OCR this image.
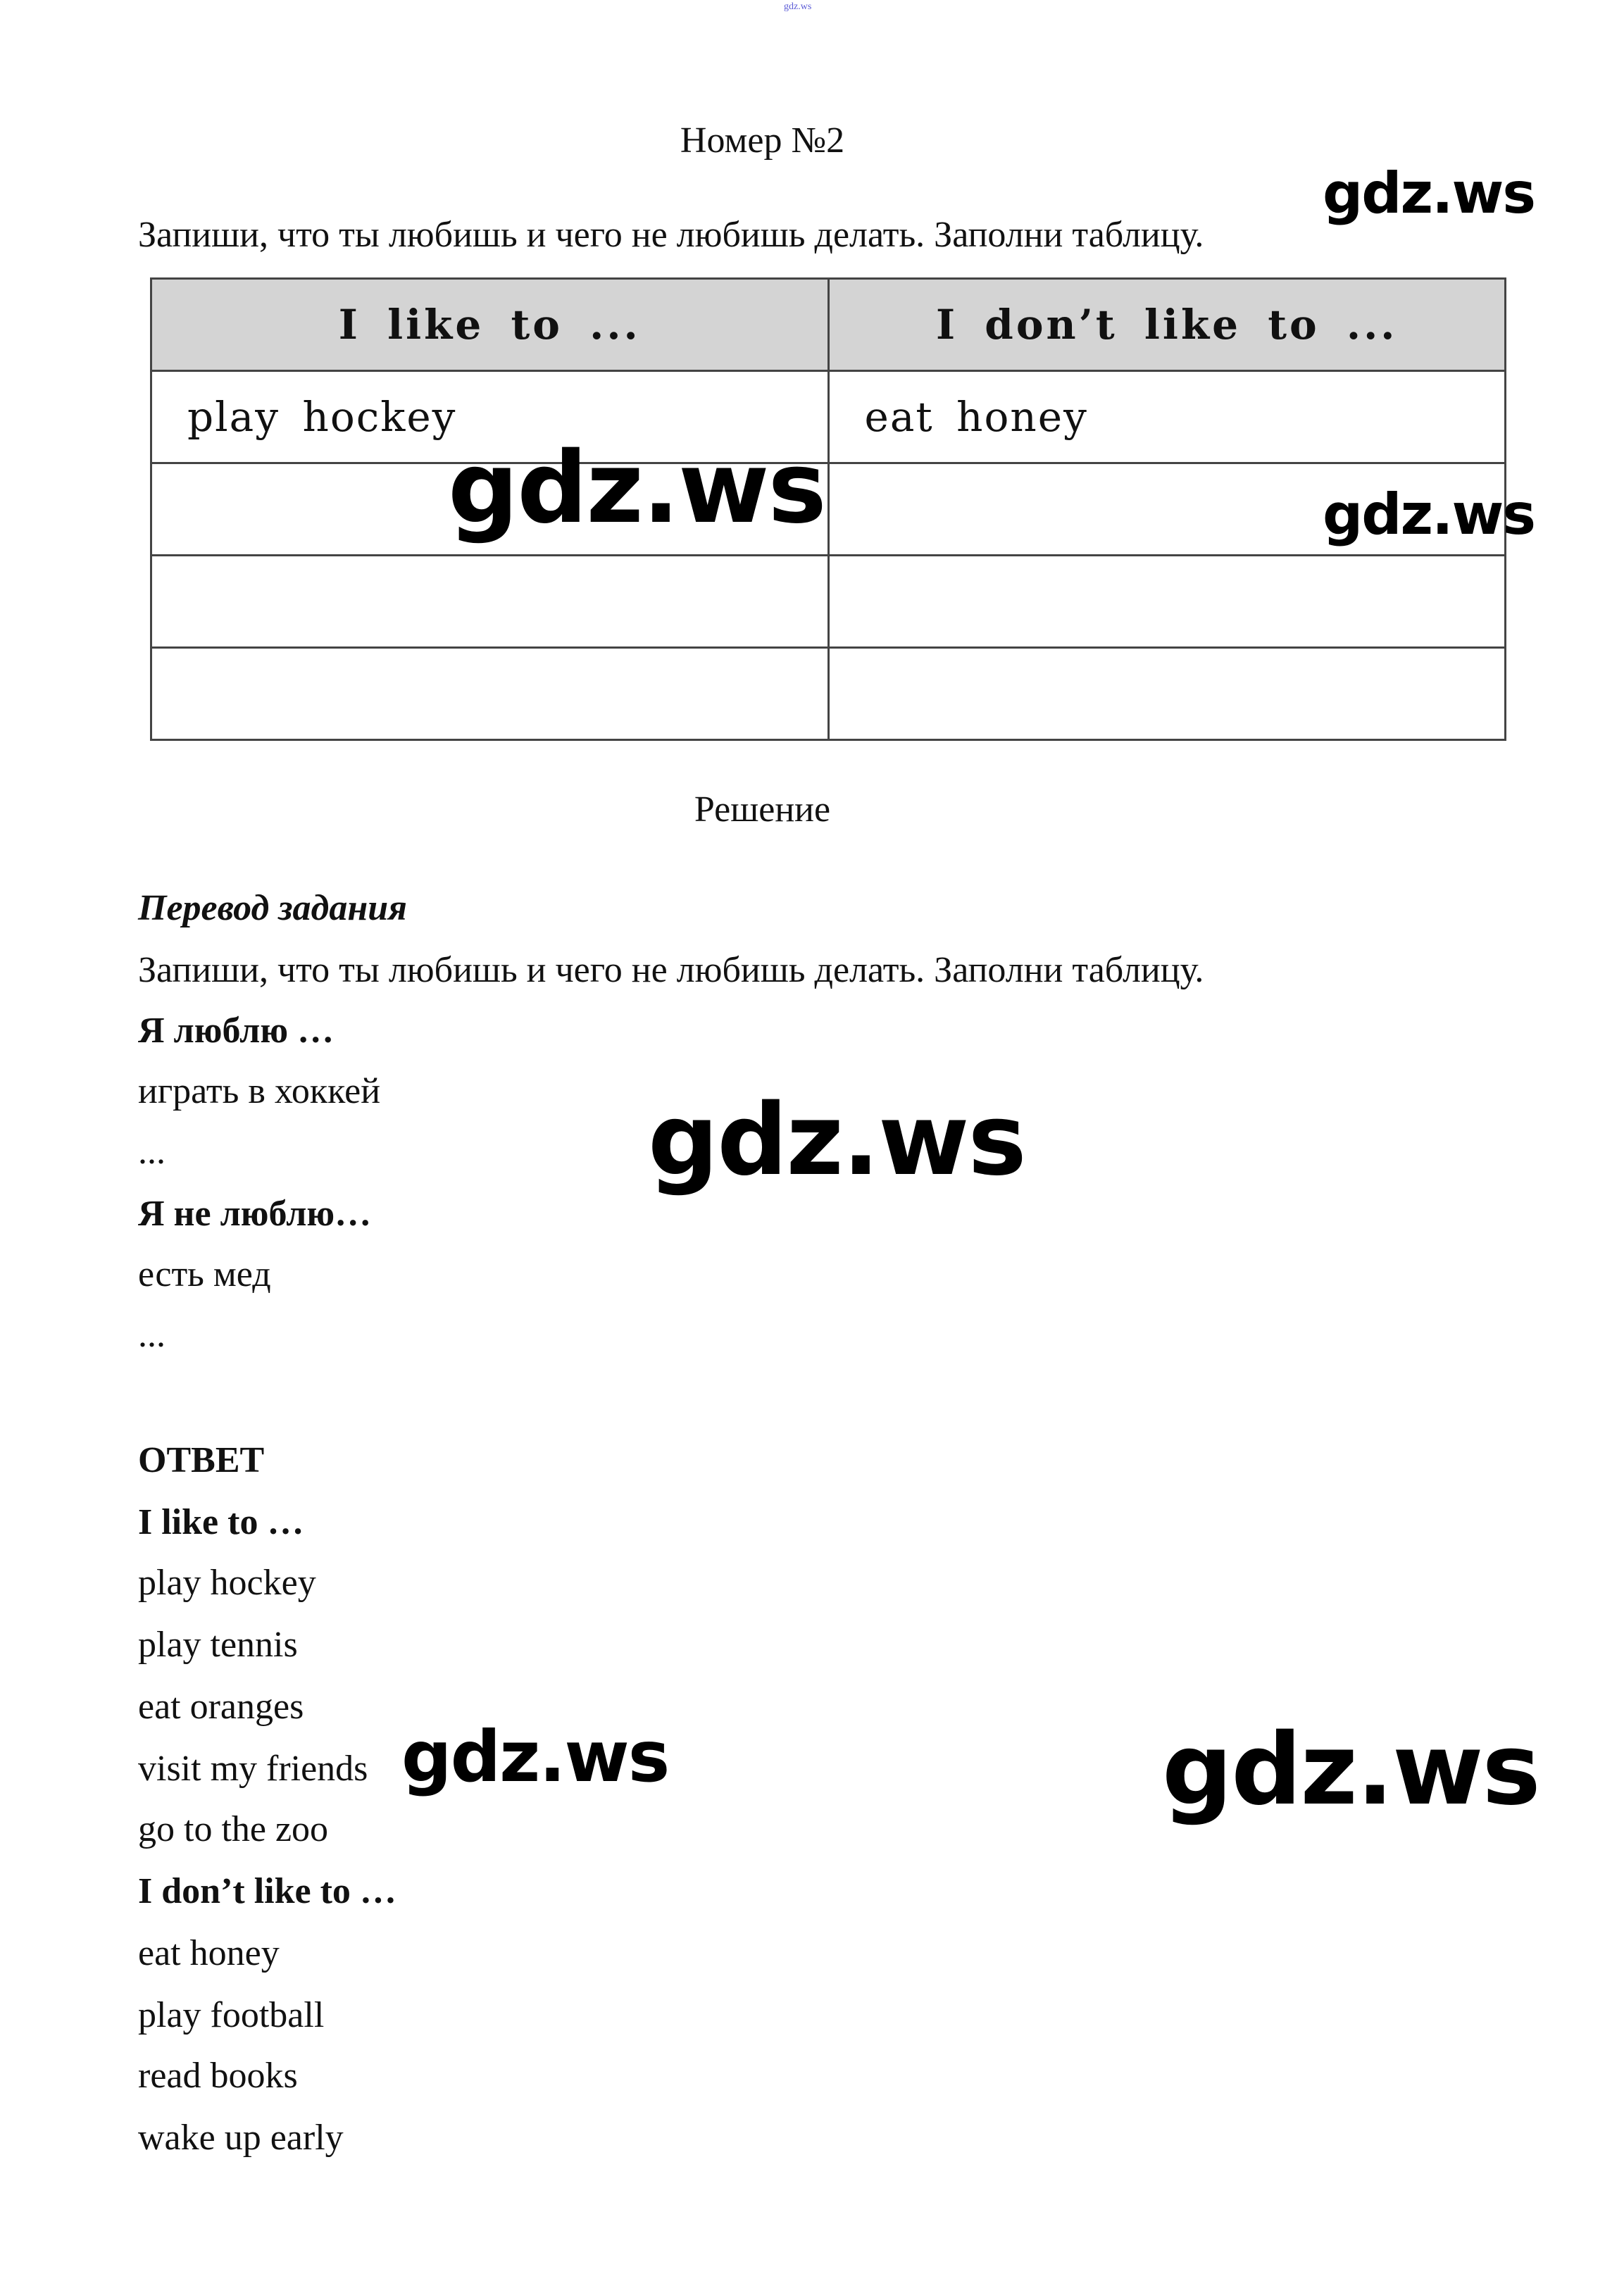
gdz.ws
Номер №2
Запиши, что ты любишь и чего не любишь делать. Заполни таблицу.
I like to ...	I don’t like to ...
play hockey	eat honey

Решение
Перевод задания
Запиши, что ты любишь и чего не любишь делать. Заполни таблицу.
Я люблю …
играть в хоккей
...
Я не люблю…
есть мед
...
ОТВЕТ
I like to …
play hockey
play tennis
eat oranges
visit my friends
go to the zoo
I don’t like to …
eat honey
play football
read books
wake up early
gdz.ws
gdz.ws	gdz.ws
gdz.ws
gdz.ws	gdz.ws
